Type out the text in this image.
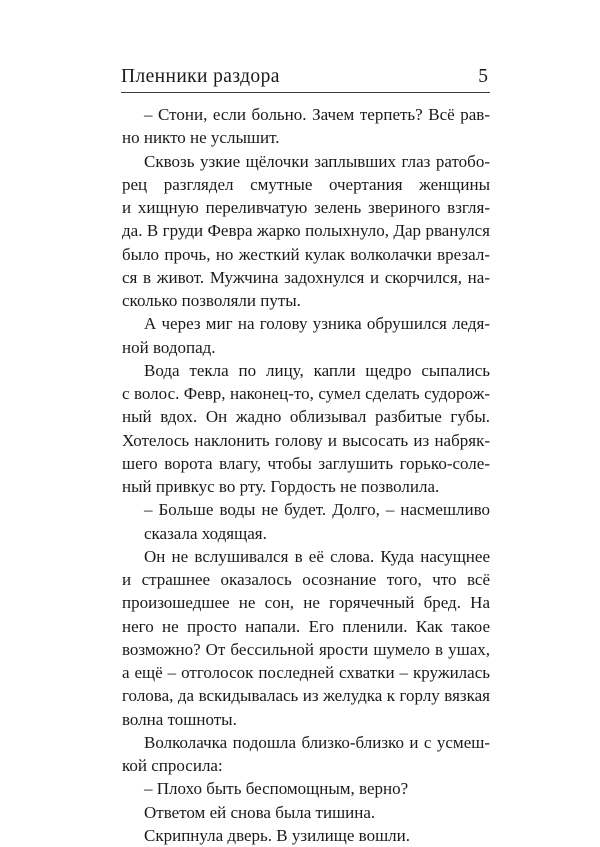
Пленники раздора	5
– Стони, если больно. Зачем терпеть? Всё рав-
но никто не услышит.
Сквозь узкие щёлочки заплывших глаз ратобо-
рец разглядел смутные очертания женщины
и хищную переливчатую зелень звериного взгля-
да. В груди Февра жарко полыхнуло, Дар рванулся
было прочь, но жесткий кулак волколачки врезал-
ся в живот. Мужчина задохнулся и скорчился, на-
сколько позволяли путы.
А через миг на голову узника обрушился ледя-
ной водопад.
Вода текла по лицу, капли щедро сыпались
с волос. Февр, наконец-то, сумел сделать судорож-
ный вдох. Он жадно облизывал разбитые губы.
Хотелось наклонить голову и высосать из набряк-
шего ворота влагу, чтобы заглушить горько-соле-
ный привкус во рту. Гордость не позволила.
– Больше воды не будет. Долго, – насмешливо
сказала ходящая.
Он не вслушивался в её слова. Куда насущнее
и страшнее оказалось осознание того, что всё
произошедшее не сон, не горячечный бред. На
него не просто напали. Его пленили. Как такое
возможно? От бессильной ярости шумело в ушах,
а ещё – отголосок последней схватки – кружилась
голова, да вскидывалась из желудка к горлу вязкая
волна тошноты.
Волколачка подошла близко-близко и с усмеш-
кой спросила:
– Плохо быть беспомощным, верно?
Ответом ей снова была тишина.
Скрипнула дверь. В узилище вошли.
